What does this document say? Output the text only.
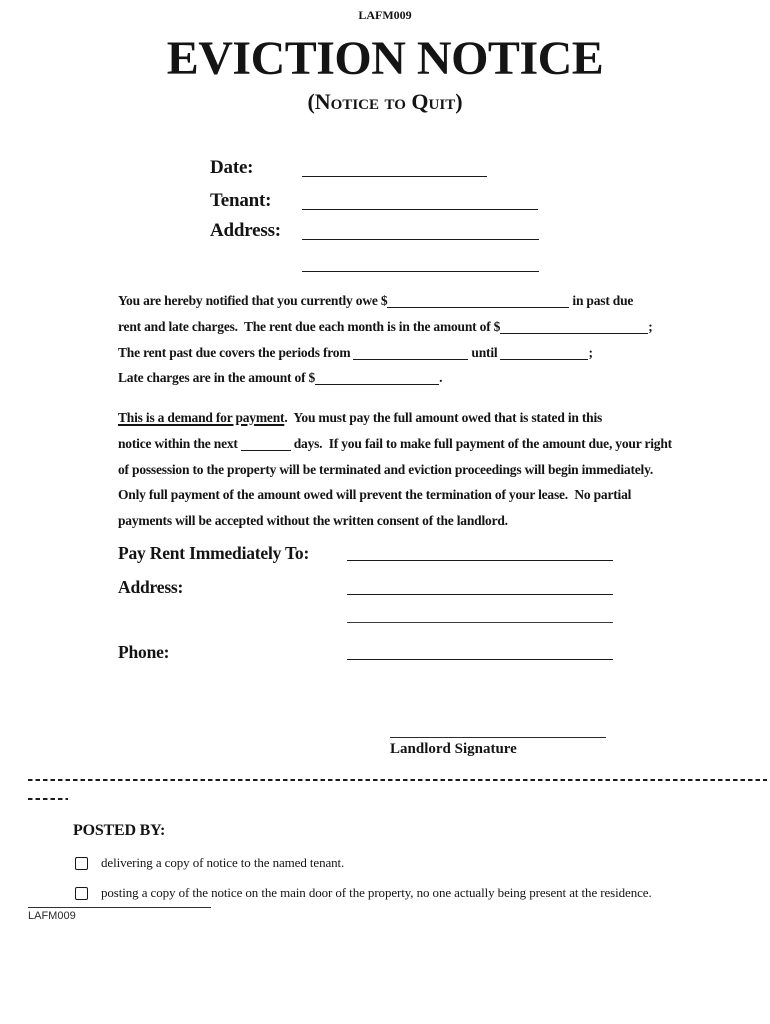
LAFM009
EVICTION NOTICE
(Notice to Quit)
Date:
Tenant:
Address:
You are hereby notified that you currently owe $	in past due
rent and late charges.  The rent due each month is in the amount of $	;
The rent past due covers the periods from	until	;
Late charges are in the amount of $	.
This is a demand for payment.  You must pay the full amount owed that is stated in this
notice within the next	days.  If you fail to make full payment of the amount due, your right
of possession to the property will be terminated and eviction proceedings will begin immediately.
Only full payment of the amount owed will prevent the termination of your lease.  No partial
payments will be accepted without the written consent of the landlord.
Pay Rent Immediately To:
Address:
Phone:
Landlord Signature
POSTED BY:
delivering a copy of notice to the named tenant.
posting a copy of the notice on the main door of the property, no one actually being present at the residence.
LAFM009
